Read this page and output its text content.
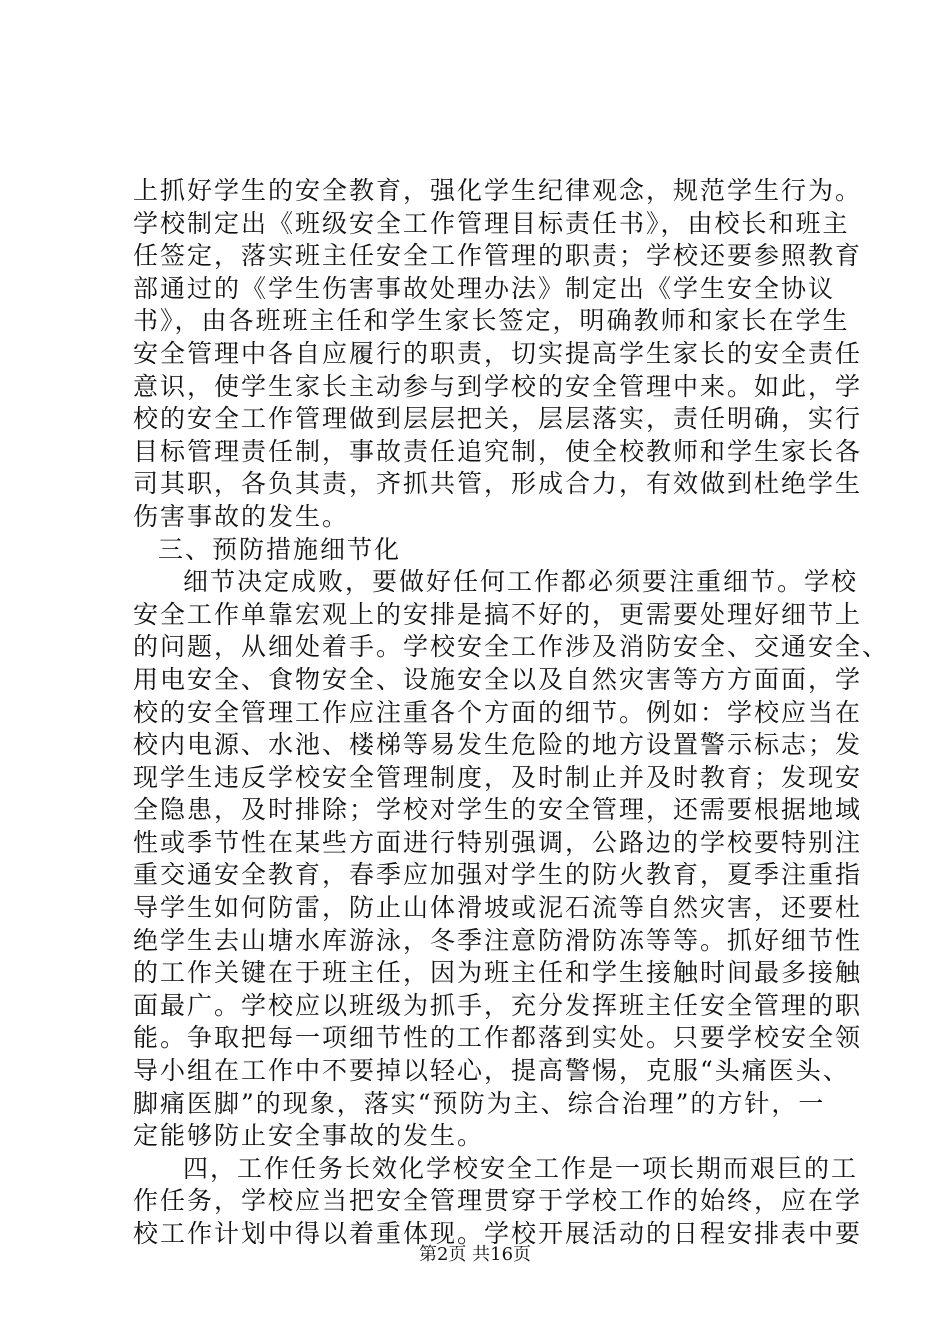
上抓好学生的安全教育，强化学生纪律观念，规范学生行为。
学校制定出《班级安全工作管理目标责任书》，由校长和班主
任签定，落实班主任安全工作管理的职责；学校还要参照教育
部通过的《学生伤害事故处理办法》制定出《学生安全协议
书》，由各班班主任和学生家长签定，明确教师和家长在学生
安全管理中各自应履行的职责，切实提高学生家长的安全责任
意识，使学生家长主动参与到学校的安全管理中来。如此，学
校的安全工作管理做到层层把关，层层落实，责任明确，实行
目标管理责任制，事故责任追究制，使全校教师和学生家长各
司其职，各负其责，齐抓共管，形成合力，有效做到杜绝学生
伤害事故的发生。
三、预防措施细节化
细节决定成败，要做好任何工作都必须要注重细节。学校
安全工作单靠宏观上的安排是搞不好的，更需要处理好细节上
的问题，从细处着手。学校安全工作涉及消防安全、交通安全、
用电安全、食物安全、设施安全以及自然灾害等方方面面，学
校的安全管理工作应注重各个方面的细节。例如：学校应当在
校内电源、水池、楼梯等易发生危险的地方设置警示标志；发
现学生违反学校安全管理制度，及时制止并及时教育；发现安
全隐患，及时排除；学校对学生的安全管理，还需要根据地域
性或季节性在某些方面进行特别强调，公路边的学校要特别注
重交通安全教育，春季应加强对学生的防火教育，夏季注重指
导学生如何防雷，防止山体滑坡或泥石流等自然灾害，还要杜
绝学生去山塘水库游泳，冬季注意防滑防冻等等。抓好细节性
的工作关键在于班主任，因为班主任和学生接触时间最多接触
面最广。学校应以班级为抓手，充分发挥班主任安全管理的职
能。争取把每一项细节性的工作都落到实处。只要学校安全领
导小组在工作中不要掉以轻心，提高警惕，克服“头痛医头、
脚痛医脚”的现象，落实“预防为主、综合治理”的方针，一
定能够防止安全事故的发生。
四，工作任务长效化学校安全工作是一项长期而艰巨的工
作任务，学校应当把安全管理贯穿于学校工作的始终，应在学
校工作计划中得以着重体现。学校开展活动的日程安排表中要
第2页 共16页
